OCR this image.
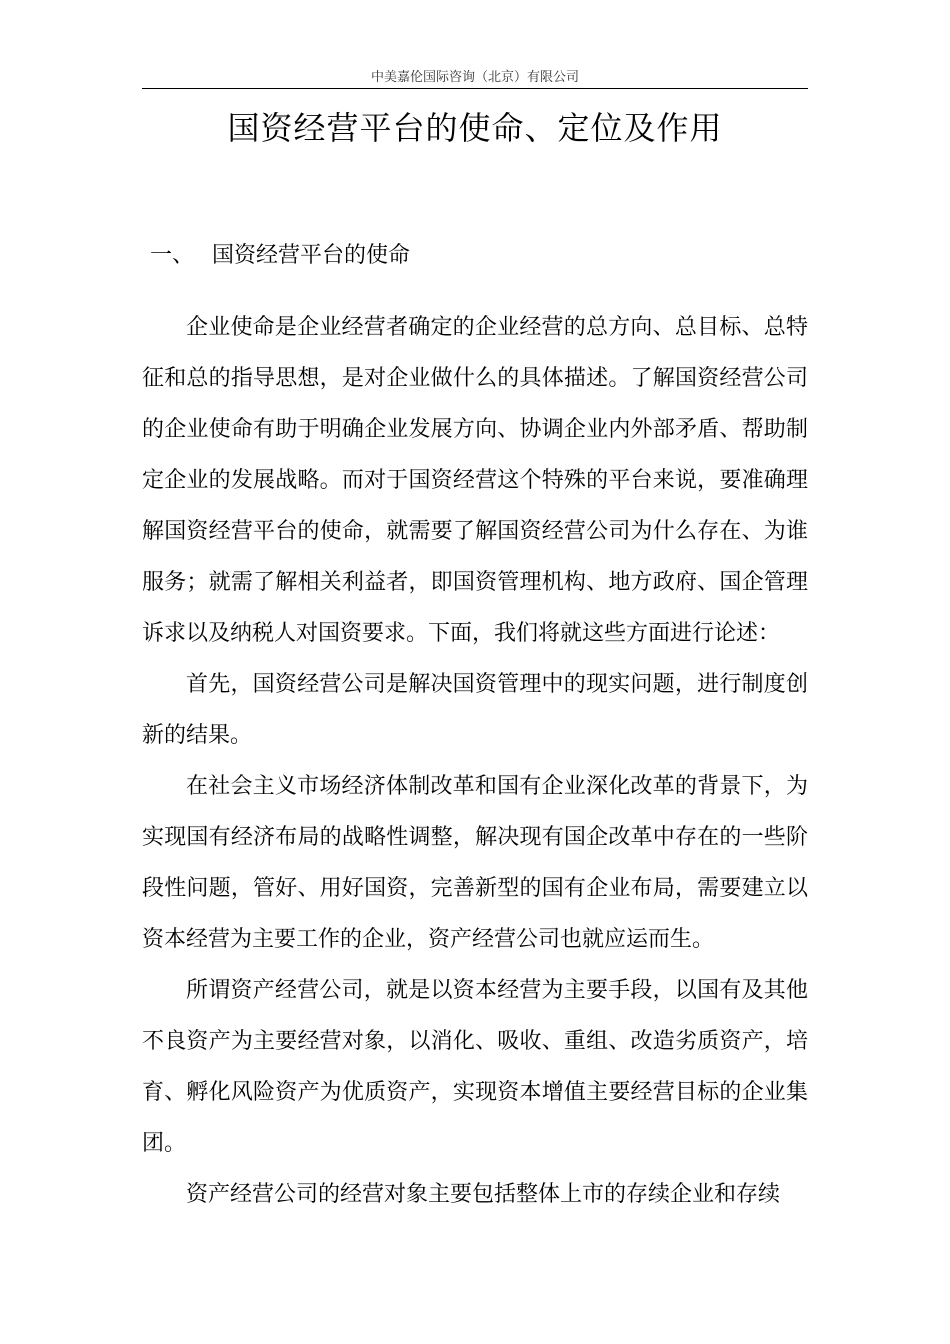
中美嘉伦国际咨询（北京）有限公司
国资经营平台的使命、定位及作用
一、 国资经营平台的使命

企业使命是企业经营者确定的企业经营的总方向、总目标、总特征和总的指导思想，是对企业做什么的具体描述。了解国资经营公司的企业使命有助于明确企业发展方向、协调企业内外部矛盾、帮助制定企业的发展战略。而对于国资经营这个特殊的平台来说，要准确理解国资经营平台的使命，就需要了解国资经营公司为什么存在、为谁服务；就需了解相关利益者，即国资管理机构、地方政府、国企管理诉求以及纳税人对国资要求。下面，我们将就这些方面进行论述：

首先，国资经营公司是解决国资管理中的现实问题，进行制度创新的结果。

在社会主义市场经济体制改革和国有企业深化改革的背景下，为实现国有经济布局的战略性调整，解决现有国企改革中存在的一些阶段性问题，管好、用好国资，完善新型的国有企业布局，需要建立以资本经营为主要工作的企业，资产经营公司也就应运而生。

所谓资产经营公司，就是以资本经营为主要手段，以国有及其他不良资产为主要经营对象，以消化、吸收、重组、改造劣质资产，培育、孵化风险资产为优质资产，实现资本增值主要经营目标的企业集团。

资产经营公司的经营对象主要包括整体上市的存续企业和存续
